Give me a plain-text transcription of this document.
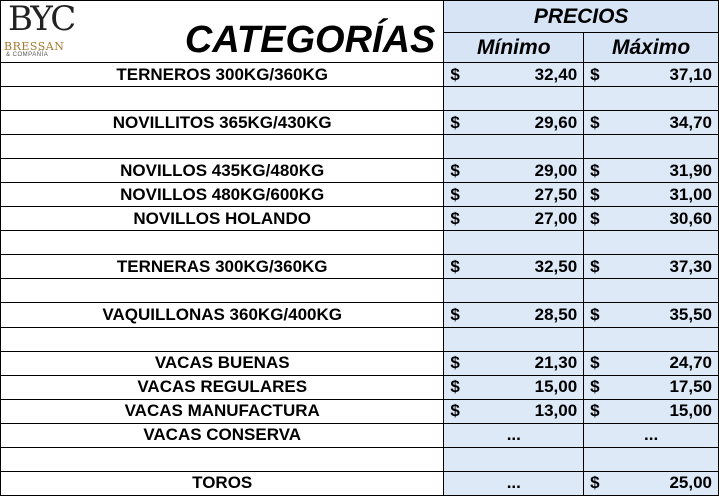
CATEGORÍAS	PRECIOS	
	Mínimo	Máximo
TERNEROS 300KG/360KG	$ 32,40	$ 37,10

NOVILLITOS 365KG/430KG	$ 29,60	$ 34,70

NOVILLOS 435KG/480KG	$ 29,00	$ 31,90

NOVILLOS 480KG/600KG	$ 27,50	$ 31,00

NOVILLOS HOLANDO	$ 27,00	$ 30,60

TERNERAS 300KG/360KG	$ 32,50	$ 37,30

VAQUILLONAS 360KG/400KG	$ 28,50	$ 35,50

VACAS BUENAS	$ 21,30	$ 24,70

VACAS REGULARES	$ 15,00	$ 17,50

VACAS MANUFACTURA	$ 13,00	$ 15,00

VACAS CONSERVA	...	...

TOROS	...	$ 25,00
BYC
BRESSAN
& COMPAÑÍA
